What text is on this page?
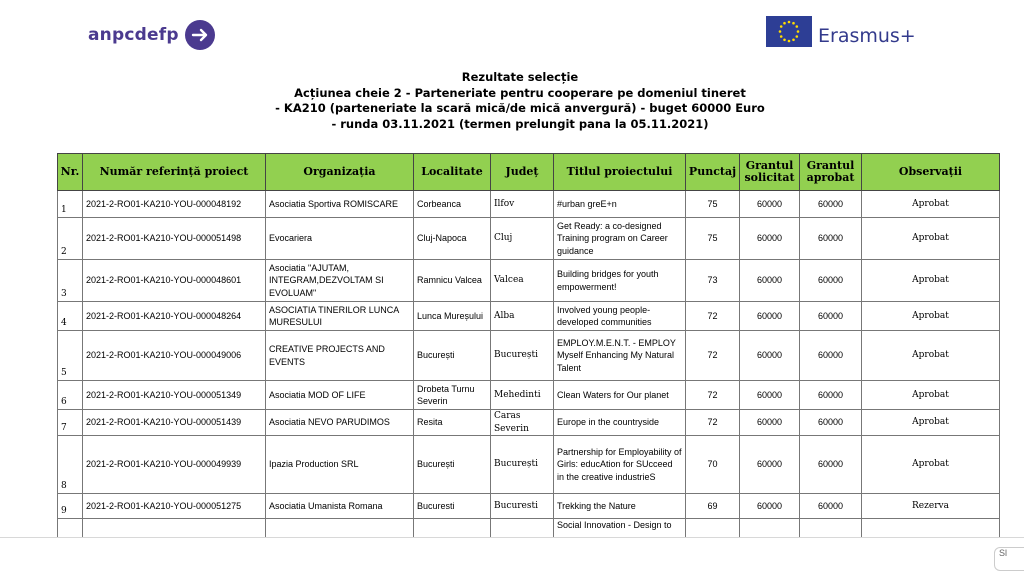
anpcdefp	Erasmus+
Rezultate selecție
Acțiunea cheie 2 - Parteneriate pentru cooperare pe domeniul tineret
- KA210 (parteneriate la scară mică/de mică anvergură) - buget 60000 Euro
- runda 03.11.2021 (termen prelungit pana la 05.11.2021)
Nr.	Număr referință proiect	Organizația	Localitate	Județ	Titlul proiectului	Punctaj	Grantul solicitat	Grantul aprobat	Observații
1	2021-2-RO01-KA210-YOU-000048192	Asociatia Sportiva ROMISCARE	Corbeanca	Ilfov	#urban greE+n	75	60000	60000	Aprobat
2	2021-2-RO01-KA210-YOU-000051498	Evocariera	Cluj-Napoca	Cluj	Get Ready: a co-designed Training program on Career guidance	75	60000	60000	Aprobat
3	2021-2-RO01-KA210-YOU-000048601	Asociatia "AJUTAM, INTEGRAM,DEZVOLTAM SI EVOLUAM"	Ramnicu Valcea	Valcea	Building bridges for youth empowerment!	73	60000	60000	Aprobat
4	2021-2-RO01-KA210-YOU-000048264	ASOCIATIA TINERILOR LUNCA MURESULUI	Lunca Mureșului	Alba	Involved young people-developed communities	72	60000	60000	Aprobat
5	2021-2-RO01-KA210-YOU-000049006	CREATIVE PROJECTS AND EVENTS	București	București	EMPLOY.M.E.N.T. - EMPLOY Myself Enhancing My Natural Talent	72	60000	60000	Aprobat
6	2021-2-RO01-KA210-YOU-000051349	Asociatia MOD OF LIFE	Drobeta Turnu Severin	Mehedinti	Clean Waters for Our planet	72	60000	60000	Aprobat
7	2021-2-RO01-KA210-YOU-000051439	Asociatia NEVO PARUDIMOS	Resita	Caras Severin	Europe in the countryside	72	60000	60000	Aprobat
8	2021-2-RO01-KA210-YOU-000049939	Ipazia Production SRL	București	București	Partnership for Employability of Girls: educAtion for SUcceed in the creative industrieS	70	60000	60000	Aprobat
9	2021-2-RO01-KA210-YOU-000051275	Asociatia Umanista Romana	Bucuresti	Bucuresti	Trekking the Nature	69	60000	60000	Rezerva
					Social Innovation - Design to				
Sl
